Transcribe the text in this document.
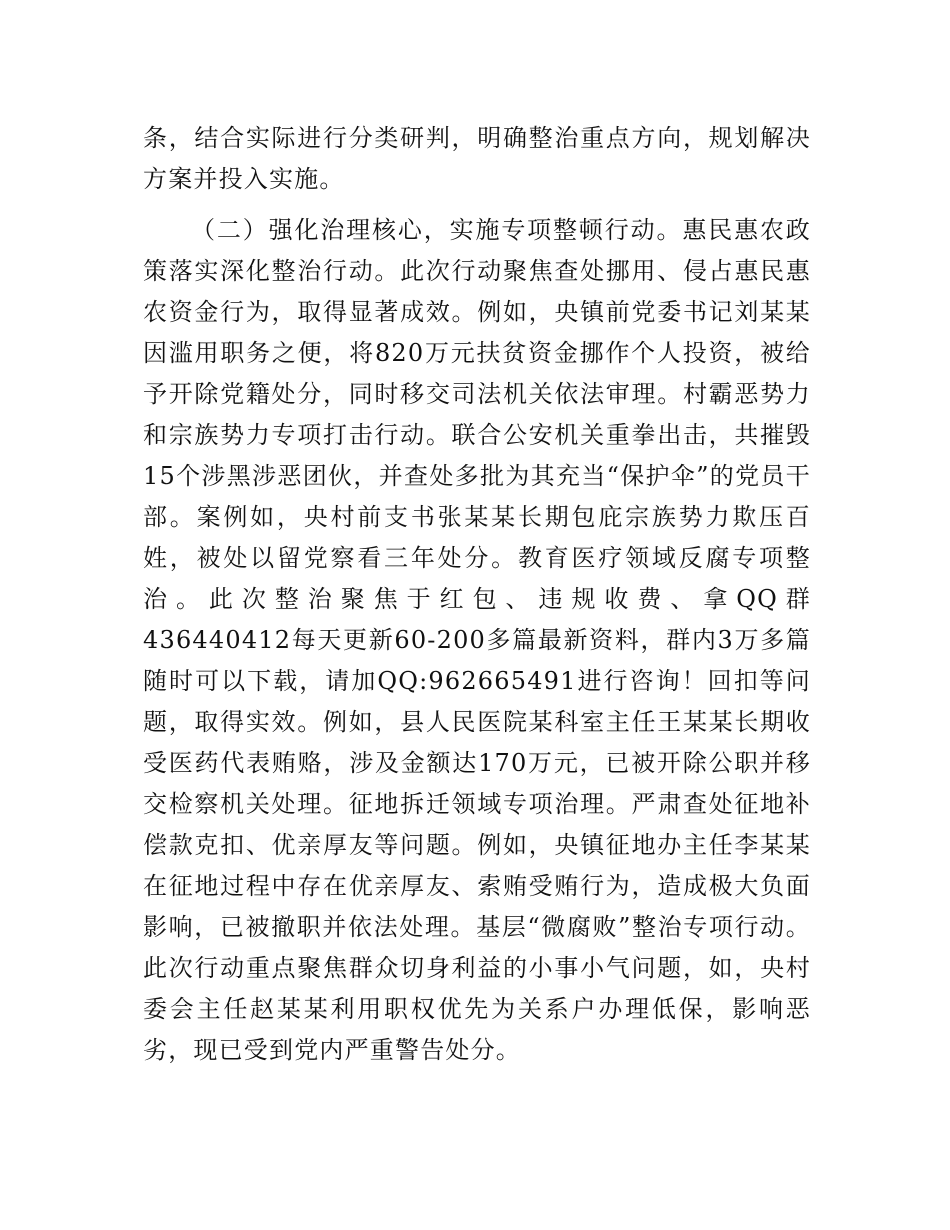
条，结合实际进行分类研判，明确整治重点方向，规划解决方案并投入实施。

（二）强化治理核心，实施专项整顿行动。惠民惠农政策落实深化整治行动。此次行动聚焦查处挪用、侵占惠民惠农资金行为，取得显著成效。例如，央镇前党委书记刘某某因滥用职务之便，将820万元扶贫资金挪作个人投资，被给予开除党籍处分，同时移交司法机关依法审理。村霸恶势力和宗族势力专项打击行动。联合公安机关重拳出击，共摧毁15个涉黑涉恶团伙，并查处多批为其充当“保护伞”的党员干部。案例如，央村前支书张某某长期包庇宗族势力欺压百姓，被处以留党察看三年处分。教育医疗领域反腐专项整治。此次整治聚焦于红包、违规收费、拿QQ群436440412每天更新60-200多篇最新资料，群内3万多篇随时可以下载，请加QQ:962665491进行咨询！回扣等问题，取得实效。例如，县人民医院某科室主任王某某长期收受医药代表贿赂，涉及金额达170万元，已被开除公职并移交检察机关处理。征地拆迁领域专项治理。严肃查处征地补偿款克扣、优亲厚友等问题。例如，央镇征地办主任李某某在征地过程中存在优亲厚友、索贿受贿行为，造成极大负面影响，已被撤职并依法处理。基层“微腐败”整治专项行动。此次行动重点聚焦群众切身利益的小事小气问题，如，央村委会主任赵某某利用职权优先为关系户办理低保，影响恶劣，现已受到党内严重警告处分。
